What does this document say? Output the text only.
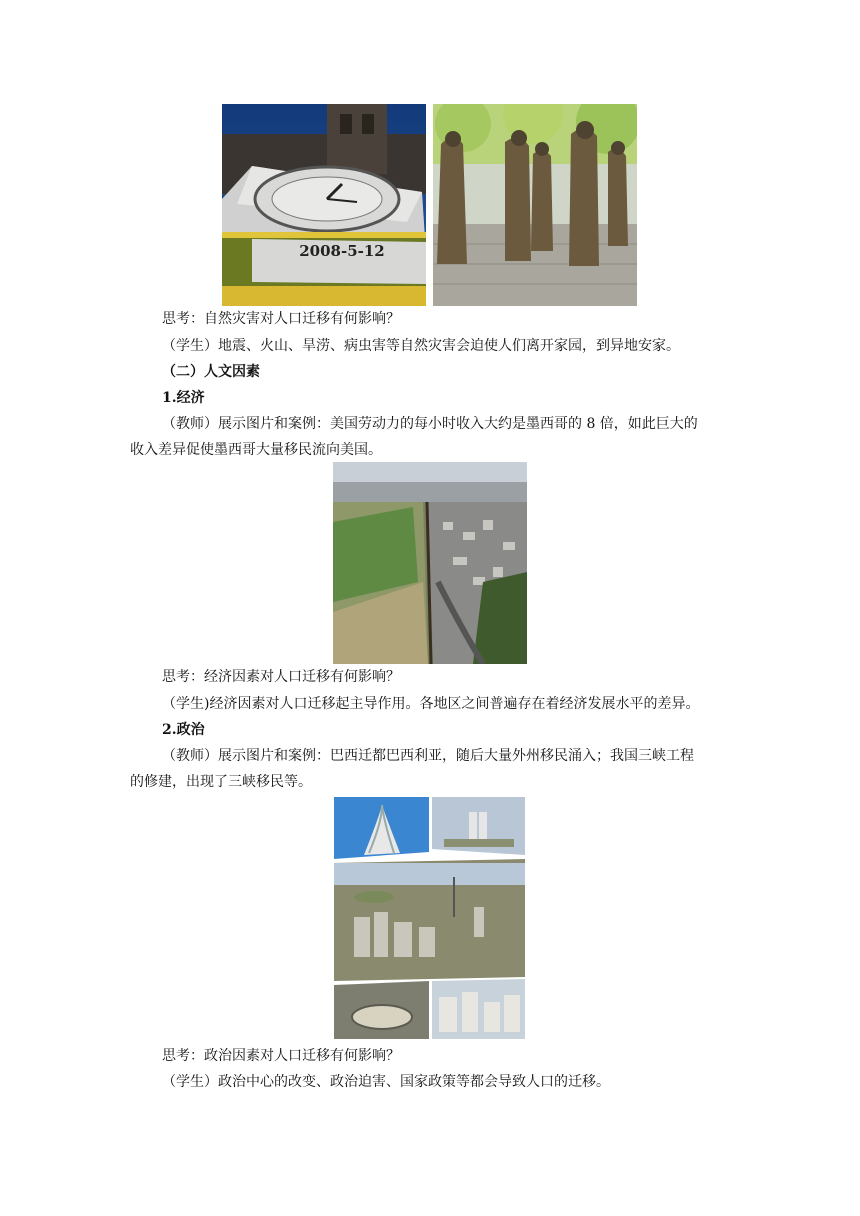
2008-5-12
思考：自然灾害对人口迁移有何影响？
（学生）地震、火山、旱涝、病虫害等自然灾害会迫使人们离开家园，到异地安家。
（二）人文因素
1.经济
（教师）展示图片和案例：美国劳动力的每小时收入大约是墨西哥的 8 倍，如此巨大的
收入差异促使墨西哥大量移民流向美国。
思考：经济因素对人口迁移有何影响？
（学生)经济因素对人口迁移起主导作用。各地区之间普遍存在着经济发展水平的差异。
2.政治
（教师）展示图片和案例：巴西迁都巴西利亚，随后大量外州移民涌入；我国三峡工程
的修建，出现了三峡移民等。
思考：政治因素对人口迁移有何影响？
（学生）政治中心的改变、政治迫害、国家政策等都会导致人口的迁移。
